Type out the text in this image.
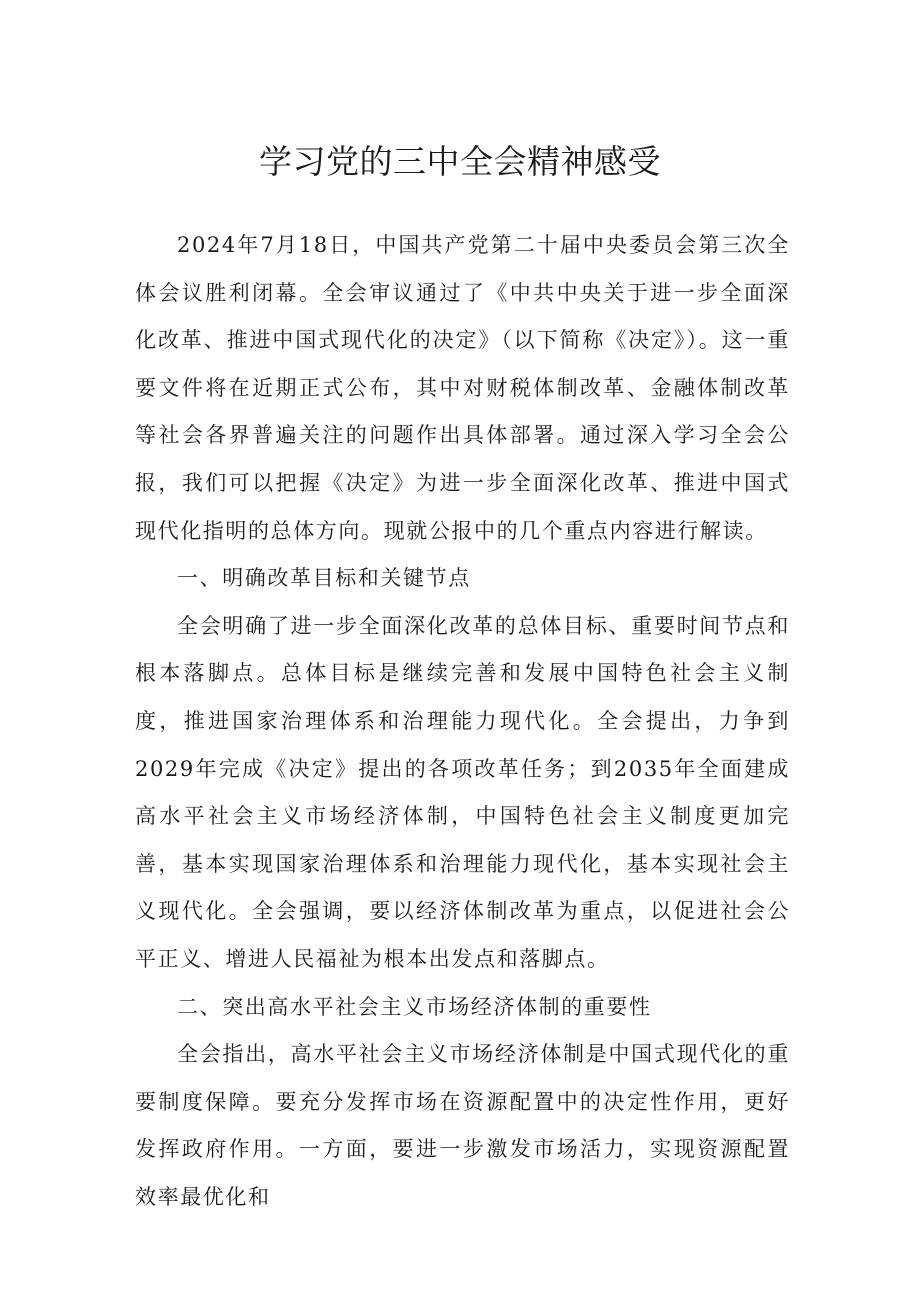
学习党的三中全会精神感受

2024年7月18日，中国共产党第二十届中央委员会第三次全体会议胜利闭幕。全会审议通过了《中共中央关于进一步全面深化改革、推进中国式现代化的决定》（以下简称《决定》）。这一重要文件将在近期正式公布，其中对财税体制改革、金融体制改革等社会各界普遍关注的问题作出具体部署。通过深入学习全会公报，我们可以把握《决定》为进一步全面深化改革、推进中国式现代化指明的总体方向。现就公报中的几个重点内容进行解读。

一、明确改革目标和关键节点

全会明确了进一步全面深化改革的总体目标、重要时间节点和根本落脚点。总体目标是继续完善和发展中国特色社会主义制度，推进国家治理体系和治理能力现代化。全会提出，力争到2029年完成《决定》提出的各项改革任务；到2035年全面建成高水平社会主义市场经济体制，中国特色社会主义制度更加完善，基本实现国家治理体系和治理能力现代化，基本实现社会主义现代化。全会强调，要以经济体制改革为重点，以促进社会公平正义、增进人民福祉为根本出发点和落脚点。

二、突出高水平社会主义市场经济体制的重要性

全会指出，高水平社会主义市场经济体制是中国式现代化的重要制度保障。要充分发挥市场在资源配置中的决定性作用，更好发挥政府作用。一方面，要进一步激发市场活力，实现资源配置效率最优化和
